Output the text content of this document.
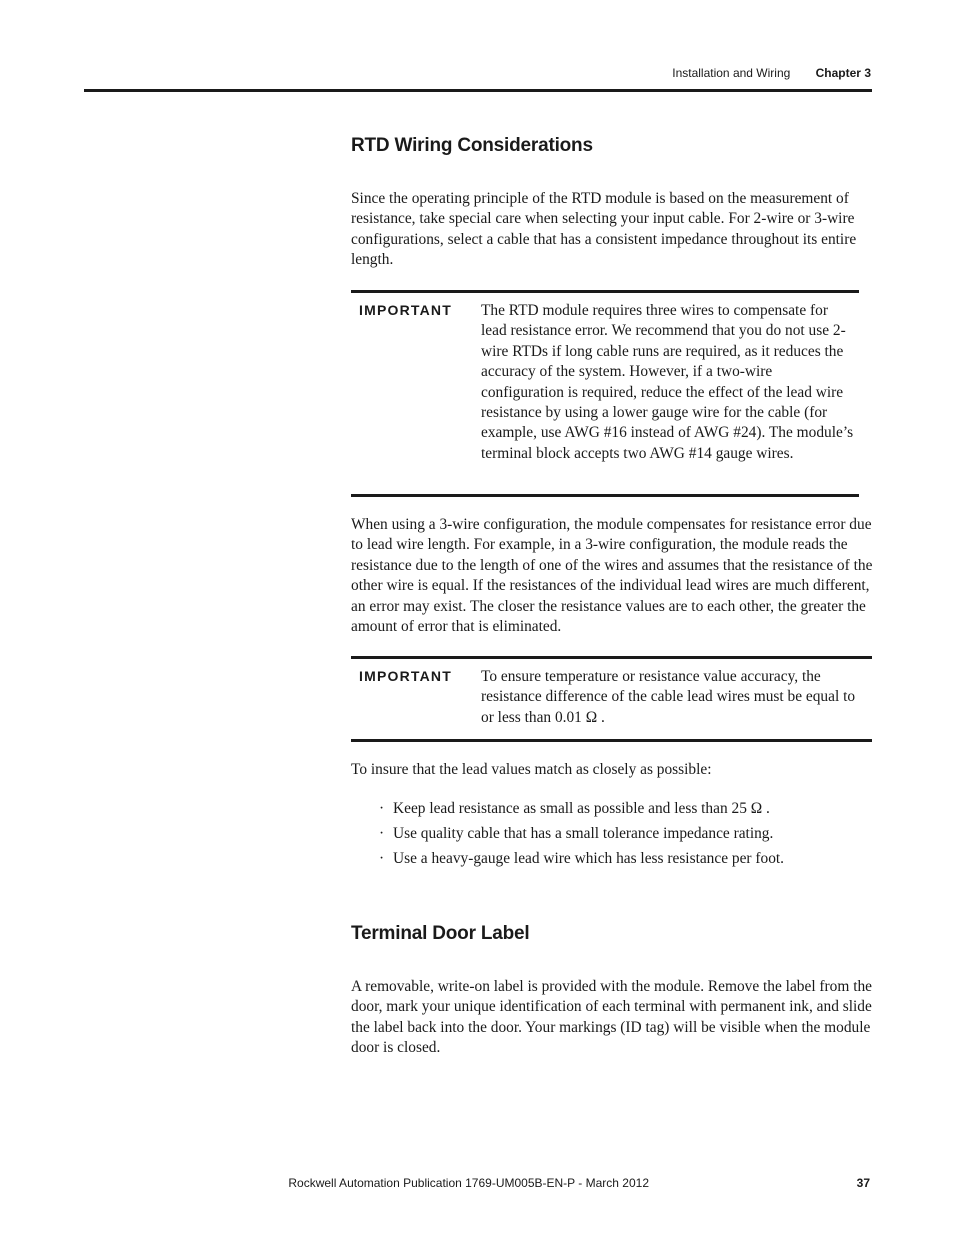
Installation and Wiring Chapter 3
RTD Wiring Considerations

Since the operating principle of the RTD module is based on the measurement of resistance, take special care when selecting your input cable. For 2-wire or 3-wire configurations, select a cable that has a consistent impedance throughout its entire length.

IMPORTANT The RTD module requires three wires to compensate for lead resistance error. We recommend that you do not use 2-wire RTDs if long cable runs are required, as it reduces the accuracy of the system. However, if a two-wire configuration is required, reduce the effect of the lead wire resistance by using a lower gauge wire for the cable (for example, use AWG #16 instead of AWG #24). The module’s terminal block accepts two AWG #14 gauge wires.

When using a 3-wire configuration, the module compensates for resistance error due to lead wire length. For example, in a 3-wire configuration, the module reads the resistance due to the length of one of the wires and assumes that the resistance of the other wire is equal. If the resistances of the individual lead wires are much different, an error may exist. The closer the resistance values are to each other, the greater the amount of error that is eliminated.

IMPORTANT To ensure temperature or resistance value accuracy, the resistance difference of the cable lead wires must be equal to or less than 0.01 Ω .

To insure that the lead values match as closely as possible:

· Keep lead resistance as small as possible and less than 25 Ω .
· Use quality cable that has a small tolerance impedance rating.
· Use a heavy-gauge lead wire which has less resistance per foot.
Terminal Door Label

A removable, write-on label is provided with the module. Remove the label from the door, mark your unique identification of each terminal with permanent ink, and slide the label back into the door. Your markings (ID tag) will be visible when the module door is closed.

Rockwell Automation Publication 1769-UM005B-EN-P - March 2012	37
